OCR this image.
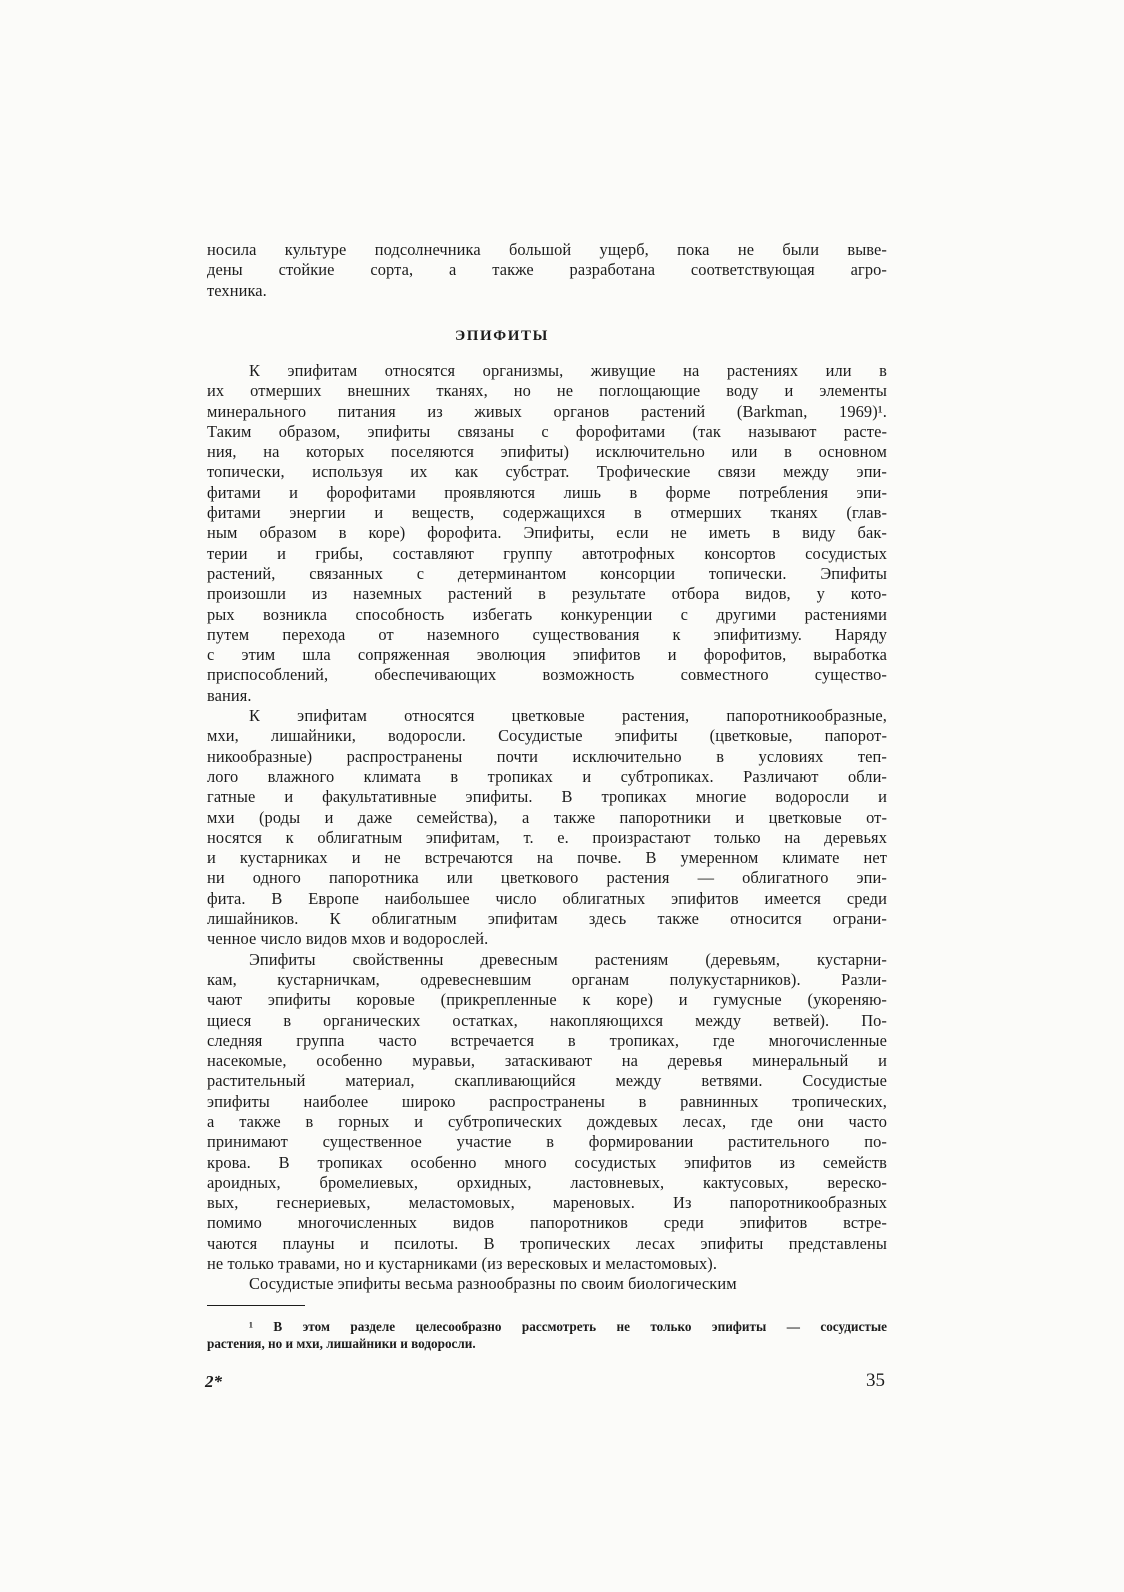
носила культуре подсолнечника большой ущерб, пока не были выве-
дены стойкие сорта, а также разработана соответствующая агро-
техника.
ЭПИФИТЫ
К эпифитам относятся организмы, живущие на растениях или в
их отмерших внешних тканях, но не поглощающие воду и элементы
минерального питания из живых органов растений (Barkman, 1969)¹.
Таким образом, эпифиты связаны с форофитами (так называют расте-
ния, на которых поселяются эпифиты) исключительно или в основном
топически, используя их как субстрат. Трофические связи между эпи-
фитами и форофитами проявляются лишь в форме потребления эпи-
фитами энергии и веществ, содержащихся в отмерших тканях (глав-
ным образом в коре) форофита. Эпифиты, если не иметь в виду бак-
терии и грибы, составляют группу автотрофных консортов сосудистых
растений, связанных с детерминантом консорции топически. Эпифиты
произошли из наземных растений в результате отбора видов, у кото-
рых возникла способность избегать конкуренции с другими растениями
путем перехода от наземного существования к эпифитизму. Наряду
с этим шла сопряженная эволюция эпифитов и форофитов, выработка
приспособлений, обеспечивающих возможность совместного существо-
вания.
К эпифитам относятся цветковые растения, папоротникообразные,
мхи, лишайники, водоросли. Сосудистые эпифиты (цветковые, папорот-
никообразные) распространены почти исключительно в условиях теп-
лого влажного климата в тропиках и субтропиках. Различают обли-
гатные и факультативные эпифиты. В тропиках многие водоросли и
мхи (роды и даже семейства), а также папоротники и цветковые от-
носятся к облигатным эпифитам, т. е. произрастают только на деревьях
и кустарниках и не встречаются на почве. В умеренном климате нет
ни одного папоротника или цветкового растения — облигатного эпи-
фита. В Европе наибольшее число облигатных эпифитов имеется среди
лишайников. К облигатным эпифитам здесь также относится ограни-
ченное число видов мхов и водорослей.
Эпифиты свойственны древесным растениям (деревьям, кустарни-
кам, кустарничкам, одревесневшим органам полукустарников). Разли-
чают эпифиты коровые (прикрепленные к коре) и гумусные (укореняю-
щиеся в органических остатках, накопляющихся между ветвей). По-
следняя группа часто встречается в тропиках, где многочисленные
насекомые, особенно муравьи, затаскивают на деревья минеральный и
растительный материал, скапливающийся между ветвями. Сосудистые
эпифиты наиболее широко распространены в равнинных тропических,
а также в горных и субтропических дождевых лесах, где они часто
принимают существенное участие в формировании растительного по-
крова. В тропиках особенно много сосудистых эпифитов из семейств
ароидных, бромелиевых, орхидных, ластовневых, кактусовых, вереско-
вых, геснериевых, меластомовых, мареновых. Из папоротникообразных
помимо многочисленных видов папоротников среди эпифитов встре-
чаются плауны и псилоты. В тропических лесах эпифиты представлены
не только травами, но и кустарниками (из вересковых и меластомовых).
Сосудистые эпифиты весьма разнообразны по своим биологическим
¹ В этом разделе целесообразно рассмотреть не только эпифиты — сосудистые
растения, но и мхи, лишайники и водоросли.
2*	35
